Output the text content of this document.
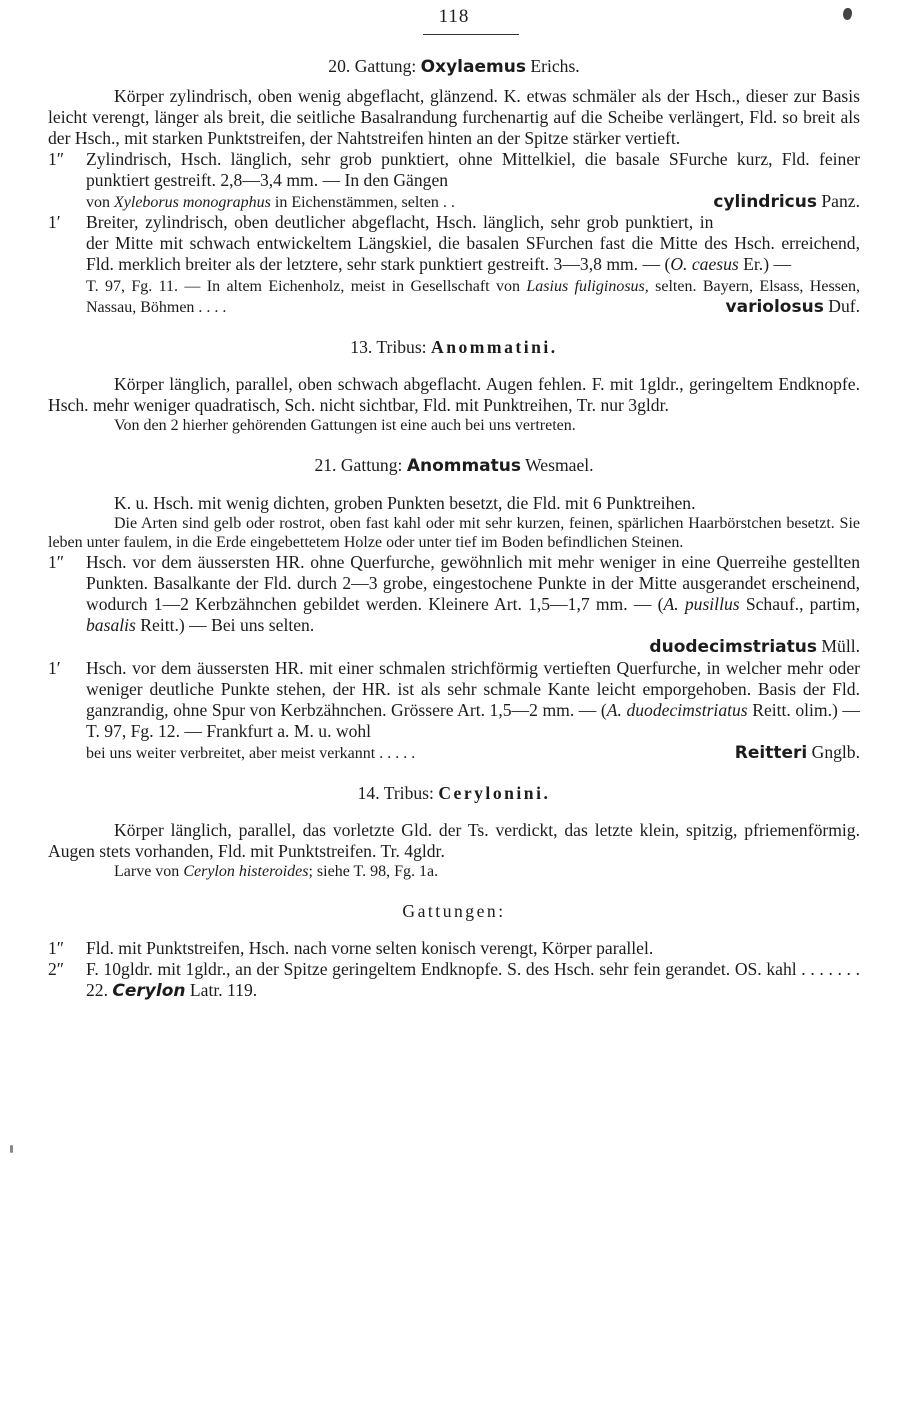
118

20. Gattung: Oxylaemus Erichs.

Körper zylindrisch, oben wenig abgeflacht, glänzend. K. etwas schmäler als der Hsch., dieser zur Basis leicht verengt, länger als breit, die seitliche Basalrandung furchenartig auf die Scheibe verlängert, Fld. so breit als der Hsch., mit starken Punktstreifen, der Nahtstreifen hinten an der Spitze stärker vertieft.

1″ Zylindrisch, Hsch. länglich, sehr grob punktiert, ohne Mittelkiel, die basale SFurche kurz, Fld. feiner punktiert gestreift. 2,8—3,4 mm. — In den Gängen
von Xyleborus monographus in Eichenstämmen, selten . .	cylindricus Panz.
1′ Breiter, zylindrisch, oben deutlicher abgeflacht, Hsch. länglich, sehr grob punktiert, in der Mitte mit schwach entwickeltem Längskiel, die basalen SFurchen fast die Mitte des Hsch. erreichend, Fld. merklich breiter als der letztere, sehr stark punktiert gestreift. 3—3,8 mm. — (O. caesus Er.) —
T. 97, Fg. 11. — In altem Eichenholz, meist in Gesellschaft von Lasius fuliginosus, selten. Bayern, Elsass, Hessen, Nassau, Böhmen . . . .	variolosus Duf.

13. Tribus: Anommatini.

Körper länglich, parallel, oben schwach abgeflacht. Augen fehlen. F. mit 1gldr., geringeltem Endknopfe. Hsch. mehr weniger quadratisch, Sch. nicht sichtbar, Fld. mit Punktreihen, Tr. nur 3gldr.

Von den 2 hierher gehörenden Gattungen ist eine auch bei uns vertreten.

21. Gattung: Anommatus Wesmael.

K. u. Hsch. mit wenig dichten, groben Punkten besetzt, die Fld. mit 6 Punktreihen.

Die Arten sind gelb oder rostrot, oben fast kahl oder mit sehr kurzen, feinen, spärlichen Haarbörstchen besetzt. Sie leben unter faulem, in die Erde eingebettetem Holze oder unter tief im Boden befindlichen Steinen.

1″ Hsch. vor dem äussersten HR. ohne Querfurche, gewöhnlich mit mehr weniger in eine Querreihe gestellten Punkten. Basalkante der Fld. durch 2—3 grobe, eingestochene Punkte in der Mitte ausgerandet erscheinend, wodurch 1—2 Kerbzähnchen gebildet werden. Kleinere Art. 1,5—1,7 mm. — (A. pusillus Schauf., partim, basalis Reitt.) — Bei uns selten.
duodecimstriatus Müll.
1′ Hsch. vor dem äussersten HR. mit einer schmalen strichförmig vertieften Querfurche, in welcher mehr oder weniger deutliche Punkte stehen, der HR. ist als sehr schmale Kante leicht emporgehoben. Basis der Fld. ganzrandig, ohne Spur von Kerbzähnchen. Grössere Art. 1,5—2 mm. — (A. duodecimstriatus Reitt. olim.) — T. 97, Fg. 12. — Frankfurt a. M. u. wohl
bei uns weiter verbreitet, aber meist verkannt . . . . .	Reitteri Gnglb.

14. Tribus: Cerylonini.

Körper länglich, parallel, das vorletzte Gld. der Ts. verdickt, das letzte klein, spitzig, pfriemenförmig. Augen stets vorhanden, Fld. mit Punktstreifen. Tr. 4gldr.

Larve von Cerylon histeroides; siehe T. 98, Fg. 1a.

Gattungen:

1″ Fld. mit Punktstreifen, Hsch. nach vorne selten konisch verengt, Körper parallel.
2″ F. 10gldr. mit 1gldr., an der Spitze geringeltem Endknopfe. S. des Hsch. sehr fein gerandet. OS. kahl . . . . . . . 22. Cerylon Latr. 119.
